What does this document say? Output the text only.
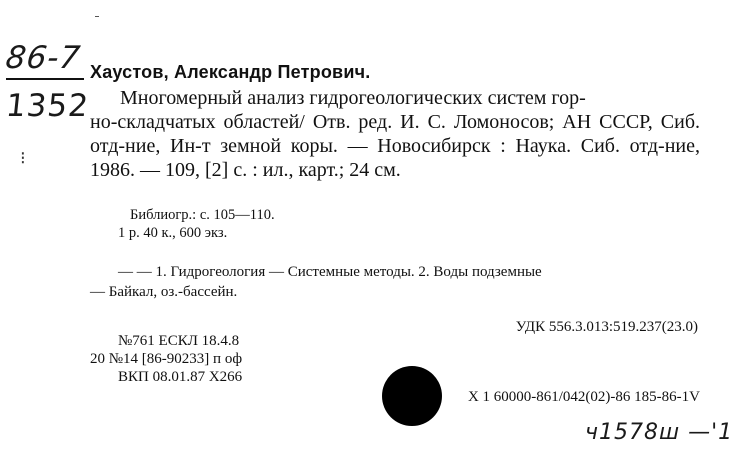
86-7
1352
⁝
Хаустов, Александр Петрович.
Многомерный анализ гидрогеологических систем гор-
но-складчатых областей/ Отв. ред. И. С. Ломоносов; АН СССР, Сиб. отд-ние, Ин-т земной коры. — Новосибирск : Наука. Сиб. отд-ние, 1986. — 109, [2] с. : ил., карт.; 24 см.
Библиогр.: с. 105—110.
1 р. 40 к., 600 экз.
— — 1. Гидрогеология — Системные методы. 2. Воды подземные
— Байкал, оз.-бассейн.
УДК 556.3.013:519.237(23.0)
№761 ЕСКЛ 18.4.8
20 №14 [86-90233] п оф
ВКП 08.01.87 Х266
Х 1 60000-861/042(02)-86 185-86-1V
ч1578ш —'1
